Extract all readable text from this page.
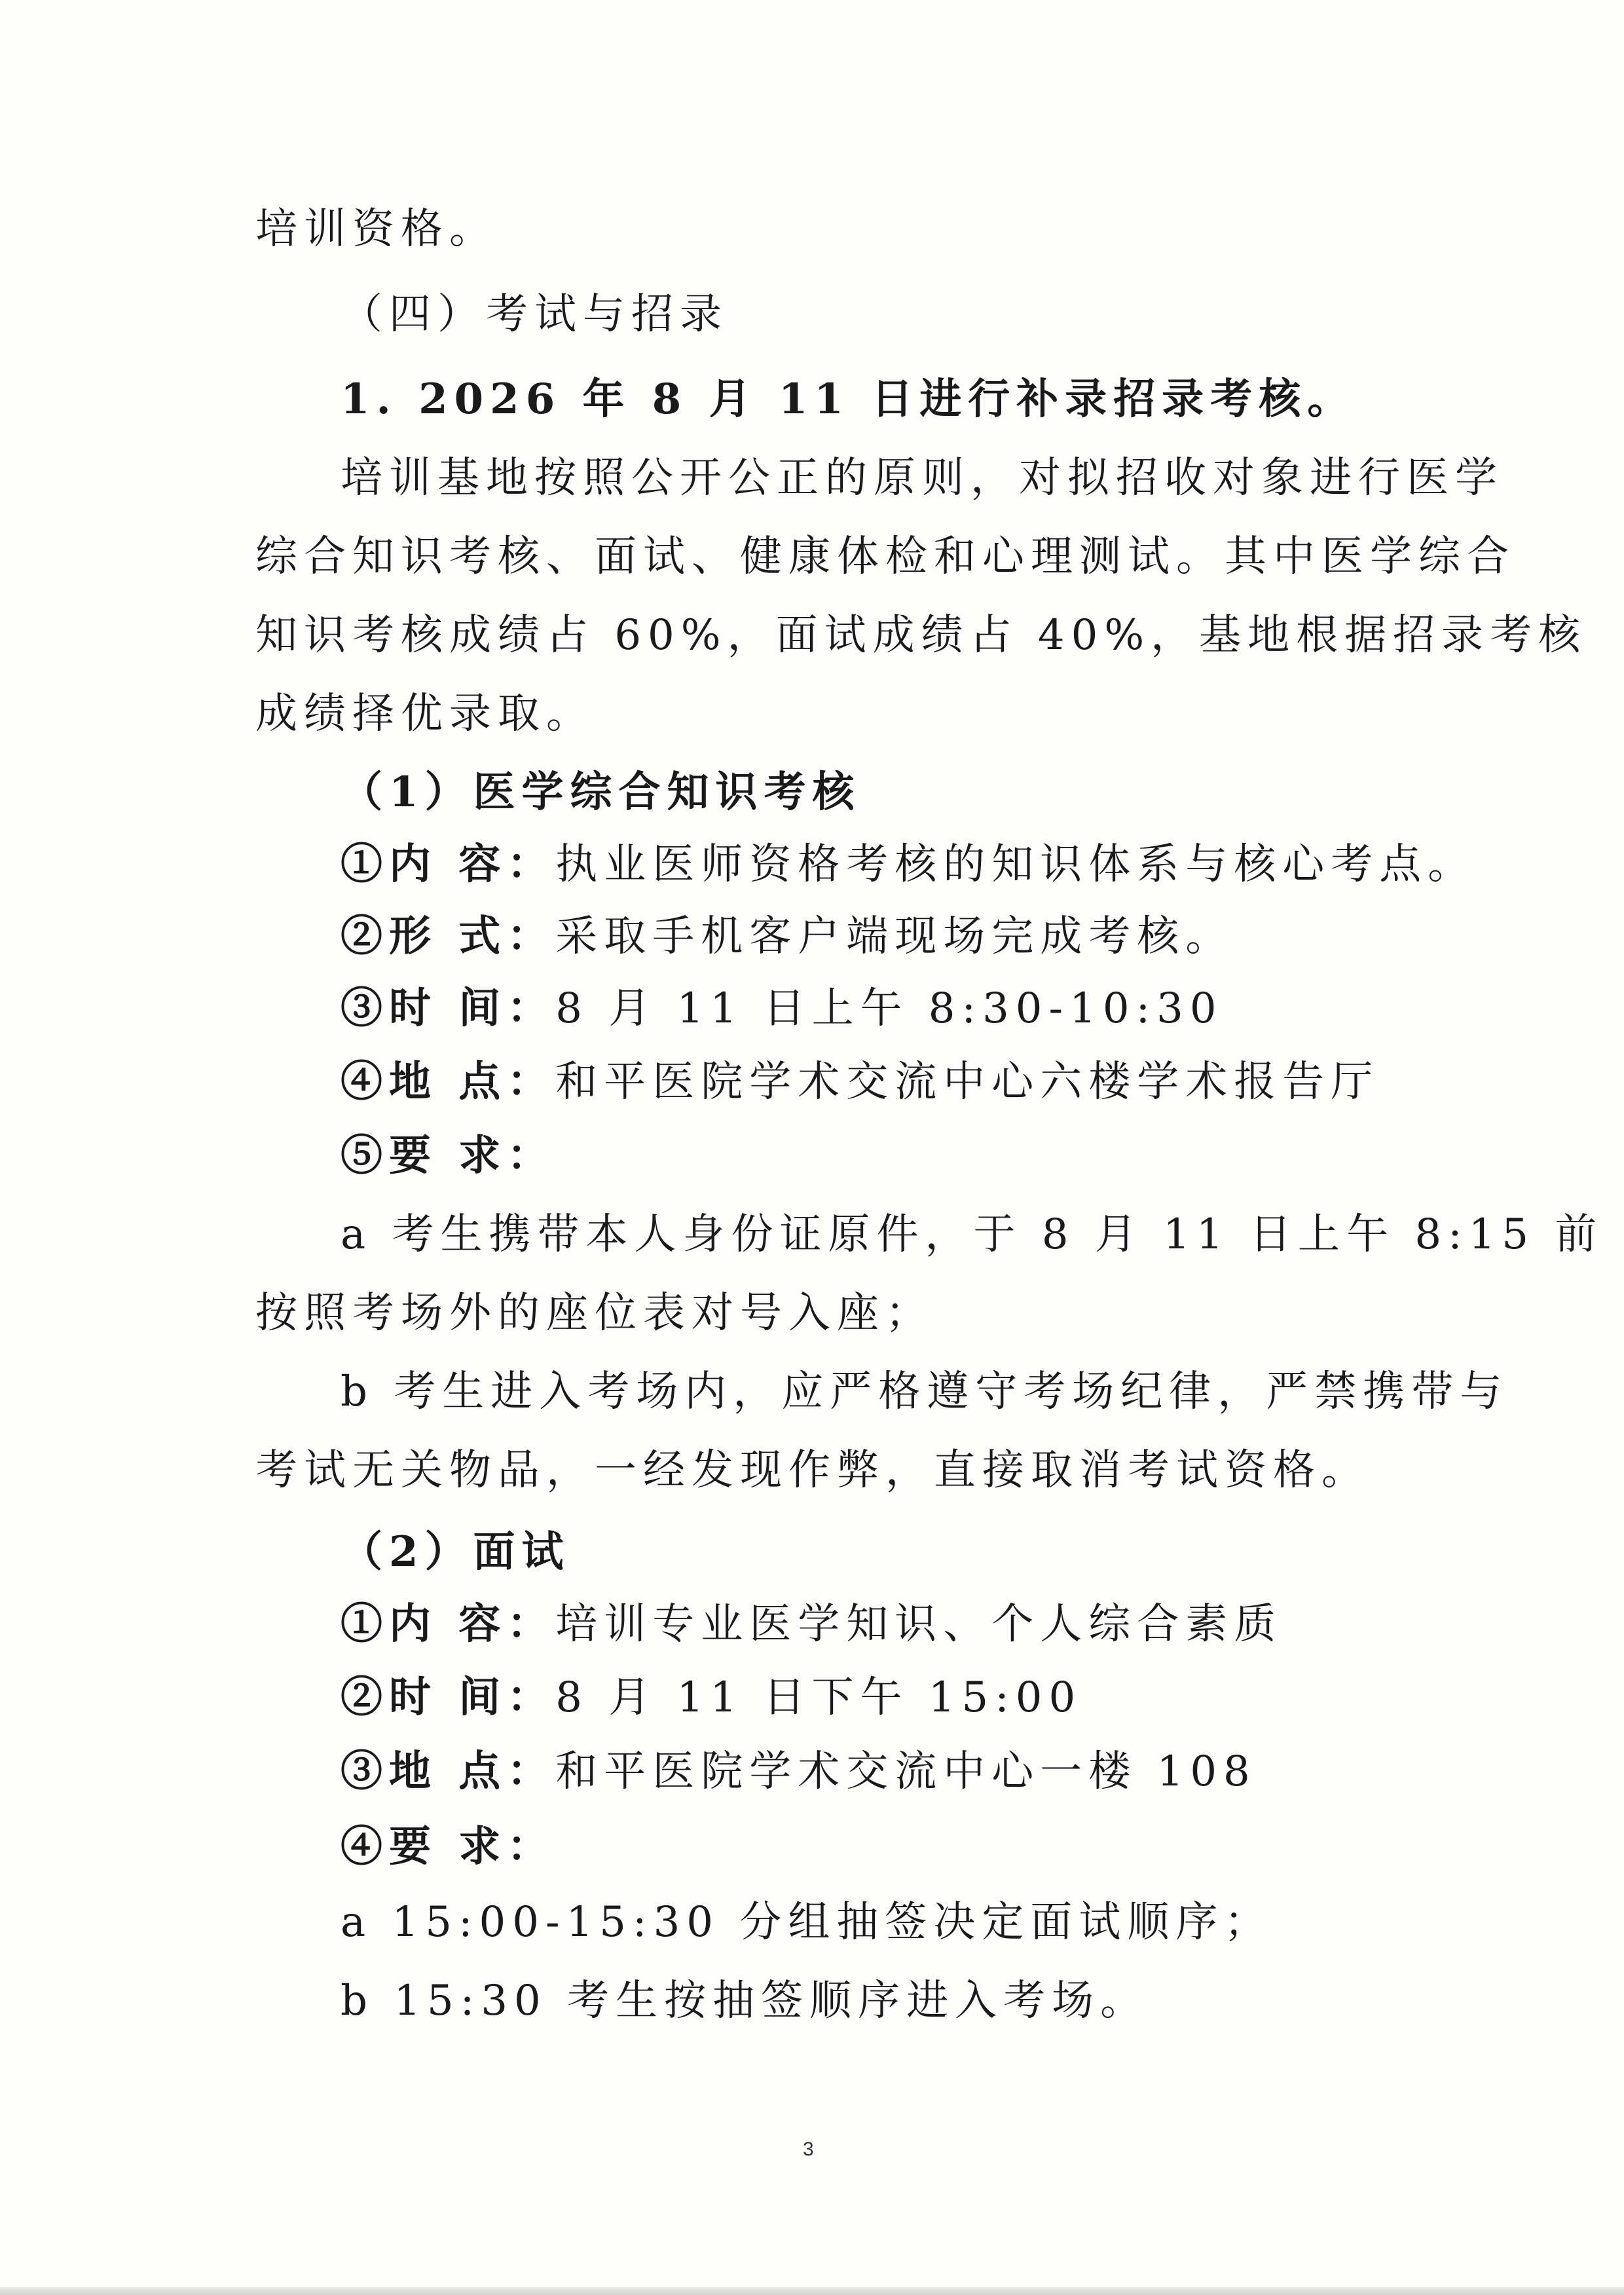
培训资格。
（四）考试与招录
1. 2026 年 8 月 11 日进行补录招录考核。
培训基地按照公开公正的原则，对拟招收对象进行医学
综合知识考核、面试、健康体检和心理测试。其中医学综合
知识考核成绩占 60%，面试成绩占 40%，基地根据招录考核
成绩择优录取。
（1）医学综合知识考核
①内 容：执业医师资格考核的知识体系与核心考点。
②形 式：采取手机客户端现场完成考核。
③时 间：8 月 11 日上午 8:30-10:30
④地 点：和平医院学术交流中心六楼学术报告厅
⑤要 求：
a 考生携带本人身份证原件，于 8 月 11 日上午 8:15 前
按照考场外的座位表对号入座；
b 考生进入考场内，应严格遵守考场纪律，严禁携带与
考试无关物品，一经发现作弊，直接取消考试资格。
（2）面试
①内 容：培训专业医学知识、个人综合素质
②时 间：8 月 11 日下午 15:00
③地 点：和平医院学术交流中心一楼 108
④要 求：
a 15:00-15:30 分组抽签决定面试顺序；
b 15:30 考生按抽签顺序进入考场。
3
